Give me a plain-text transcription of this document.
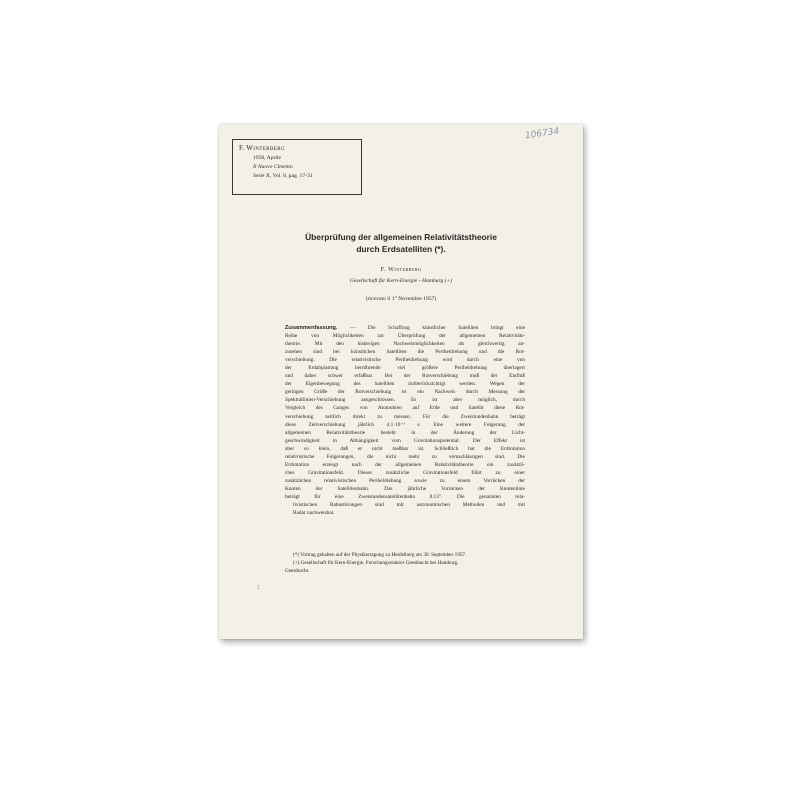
106734
F. Winterberg
1958, Aprile
Il Nuovo Cimento
Serie X, Vol. 8, pag. 17-31
Überprüfung der allgemeinen Relativitätstheorie
durch Erdsatelliten (*).
F. Winterberg
Gesellschaft für Kern-Energie - Hamburg (+)
(ricevuto il 1° Novembre 1957)

Zusammenfassung. — Die Schaffung künstlicher Satelliten bringt eine

Reihe von Möglichkeiten zur Überprüfung der allgemeinen Relativitäts-

theorie. Mit den bisherigen Nachweismöglichkeiten als gleichwertig an-

zusehen sind bei künstlichen Satelliten die Periheldrehung und die Rot-

verschiebung. Die relativistische Periheldrehung wird durch eine von

der Erdabplattung herrührende viel größere Periheldrehung überlagert

und daher schwer erfaßbar. Bei der Rotverschiebung muß der Einfluß

der Eigenbewegung des Satelliten mitberücksichtigt werden. Wegen der

geringen Größe der Rotverschiebung ist ein Nachweis durch Messung der

Spektrallinien-Verschiebung ausgeschlossen. Es ist aber möglich, durch

Vergleich des Ganges von Atomuhren auf Erde und Satellit diese Rot-

verschiebung zeitlich direkt zu messen. Für die Zweistundenbahn beträgt

diese Zeitverschiebung jährlich 4.1·10⁻³ s. Eine weitere Folgerung der

allgemeinen Relativitätstheorie besteht in der Änderung der Licht-

geschwindigkeit in Abhängigkeit vom Gravitationspotential. Der Effekt ist

aber so klein, daß er nicht meßbar ist. Schließlich hat die Erdrotation

relativistische Folgerungen, die nicht mehr zu vernachlässigen sind. Die

Erdrotation erzeugt nach der allgemeinen Relativitätstheorie ein zusätzli-

ches Gravitationsfeld. Dieses zusätzliche Gravitationsfeld führt zu einer

zusätzlichen relativistischen Periheldrehung sowie zu einem Vorrücken der

Knoten der Satellitenbahn. Das jährliche Vorrücken der Knotenlinie

beträgt für eine Zweistundensatellitenbahn 0.13". Die genannten rela-

tivistischen Bahnstörungen sind mit astronomischen Methoden und mit

Radar nachweisbar.

(*) Vortrag gehalten auf der Physikertagung zu Heidelberg am 30. September 1957.

(+) Gesellschaft für Kern-Energie, Forschungsreaktor Geesthacht bei Hamburg,

Geesthacht.

2
